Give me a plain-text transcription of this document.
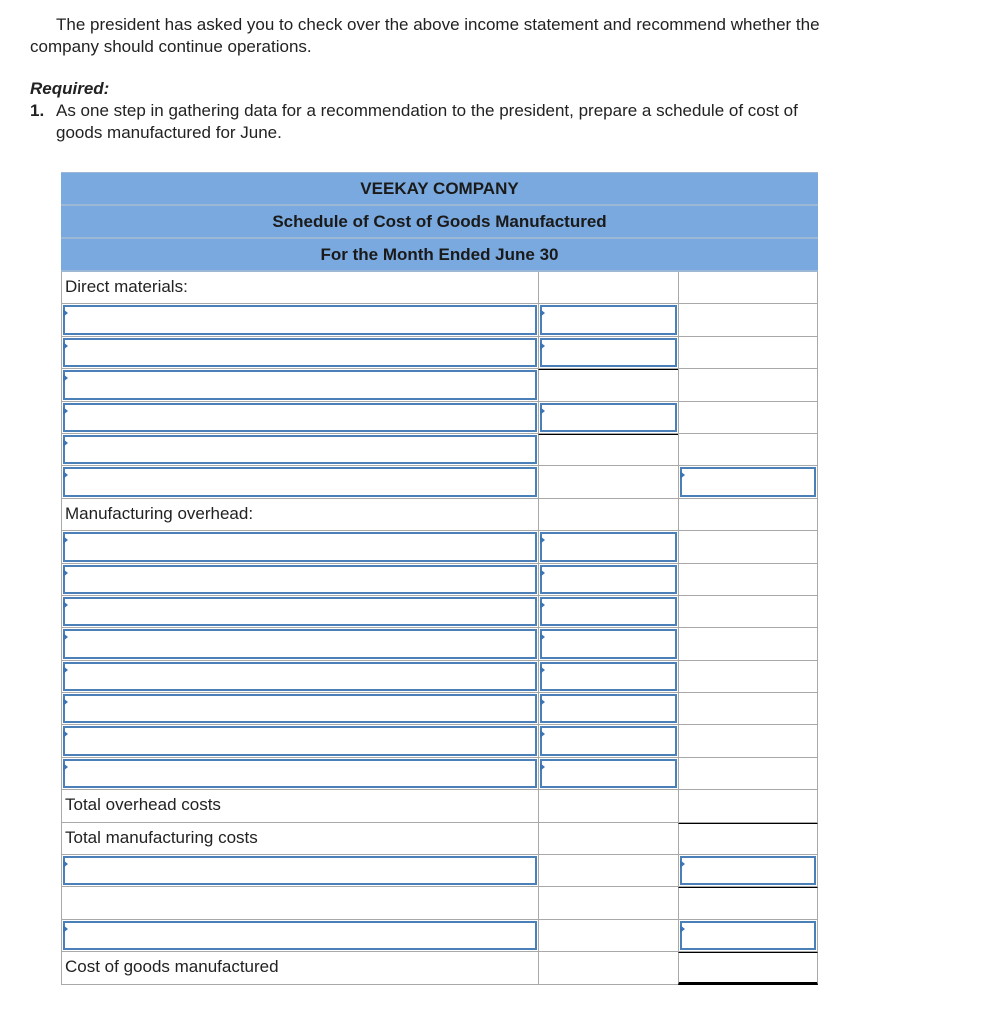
The president has asked you to check over the above income statement and recommend whether the
company should continue operations.
Required:
1. As one step in gathering data for a recommendation to the president, prepare a schedule of cost of
goods manufactured for June.
VEEKAY COMPANY
Schedule of Cost of Goods Manufactured
For the Month Ended June 30
Direct materials:
Manufacturing overhead:
Total overhead costs
Total manufacturing costs
Cost of goods manufactured
